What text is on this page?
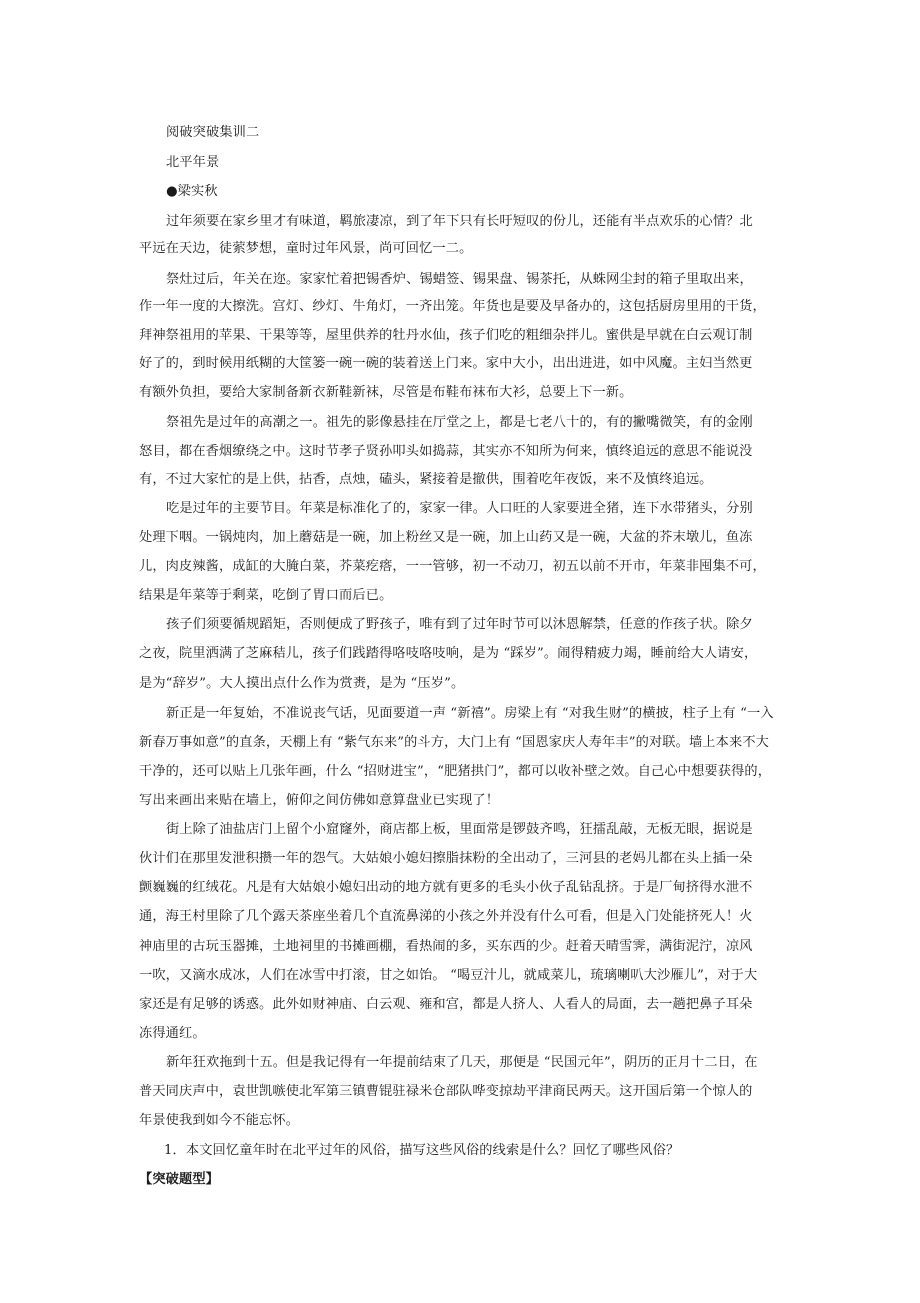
阅破突破集训二
北平年景
●梁实秋
过年须要在家乡里才有味道，羁旅凄凉，到了年下只有长吁短叹的份儿，还能有半点欢乐的心情？北
平远在天边，徒萦梦想，童时过年风景，尚可回忆一二。
祭灶过后，年关在迩。家家忙着把锡香炉、锡蜡签、锡果盘、锡茶托，从蛛网尘封的箱子里取出来，
作一年一度的大擦洗。宫灯、纱灯、牛角灯，一齐出笼。年货也是要及早备办的，这包括厨房里用的干货，
拜神祭祖用的苹果、干果等等，屋里供养的牡丹水仙，孩子们吃的粗细杂拌儿。蜜供是早就在白云观订制
好了的，到时候用纸糊的大筐篓一碗一碗的装着送上门来。家中大小，出出进进，如中风魔。主妇当然更
有额外负担，要给大家制备新衣新鞋新袜，尽管是布鞋布袜布大衫，总要上下一新。
祭祖先是过年的高潮之一。祖先的影像悬挂在厅堂之上，都是七老八十的，有的撇嘴微笑，有的金刚
怒目，都在香烟缭绕之中。这时节孝子贤孙叩头如捣蒜，其实亦不知所为何来，慎终追远的意思不能说没
有，不过大家忙的是上供，拈香，点烛，磕头，紧接着是撤供，围着吃年夜饭，来不及慎终追远。
吃是过年的主要节目。年菜是标准化了的，家家一律。人口旺的人家要进全猪，连下水带猪头，分别
处理下咽。一锅炖肉，加上蘑菇是一碗，加上粉丝又是一碗，加上山药又是一碗，大盆的芥末墩儿，鱼冻
儿，肉皮辣酱，成缸的大腌白菜，芥菜疙瘩，一一管够，初一不动刀，初五以前不开市，年菜非囤集不可，
结果是年菜等于剩菜，吃倒了胃口而后已。
孩子们须要循规蹈矩，否则便成了野孩子，唯有到了过年时节可以沐恩解禁，任意的作孩子状。除夕
之夜，院里洒满了芝麻秸儿，孩子们践踏得咯吱咯吱响，是为 “踩岁”。闹得精疲力竭，睡前给大人请安，
是为“辞岁”。大人摸出点什么作为赏赉，是为 “压岁”。
新正是一年复始，不准说丧气话，见面要道一声 “新禧”。房梁上有 “对我生财”的横披，柱子上有 “一入
新春万事如意”的直条，天棚上有 “紫气东来”的斗方，大门上有 “国恩家庆人寿年丰”的对联。墙上本来不大
干净的，还可以贴上几张年画，什么 “招财进宝”，“肥猪拱门”，都可以收补壁之效。自己心中想要获得的，
写出来画出来贴在墙上，俯仰之间仿佛如意算盘业已实现了！
街上除了油盐店门上留个小窟窿外，商店都上板，里面常是锣鼓齐鸣，狂擂乱敲，无板无眼，据说是
伙计们在那里发泄积攒一年的怨气。大姑娘小媳妇擦脂抹粉的全出动了，三河县的老妈儿都在头上插一朵
颤巍巍的红绒花。凡是有大姑娘小媳妇出动的地方就有更多的毛头小伙子乱钻乱挤。于是厂甸挤得水泄不
通，海王村里除了几个露天茶座坐着几个直流鼻涕的小孩之外并没有什么可看，但是入门处能挤死人！火
神庙里的古玩玉器摊，土地祠里的书摊画棚，看热闹的多，买东西的少。赶着天晴雪霁，满街泥泞，凉风
一吹，又滴水成冰，人们在冰雪中打滚，甘之如饴。 “喝豆汁儿，就咸菜儿，琉璃喇叭大沙雁儿”，对于大
家还是有足够的诱惑。此外如财神庙、白云观、雍和宫，都是人挤人、人看人的局面，去一趟把鼻子耳朵
冻得通红。
新年狂欢拖到十五。但是我记得有一年提前结束了几天，那便是 “民国元年”，阴历的正月十二日，在
普天同庆声中，袁世凯嗾使北军第三镇曹锟驻禄米仓部队哗变掠劫平津商民两天。这开国后第一个惊人的
年景使我到如今不能忘怀。
1．本文回忆童年时在北平过年的风俗，描写这些风俗的线索是什么？回忆了哪些风俗？
【突破题型】
